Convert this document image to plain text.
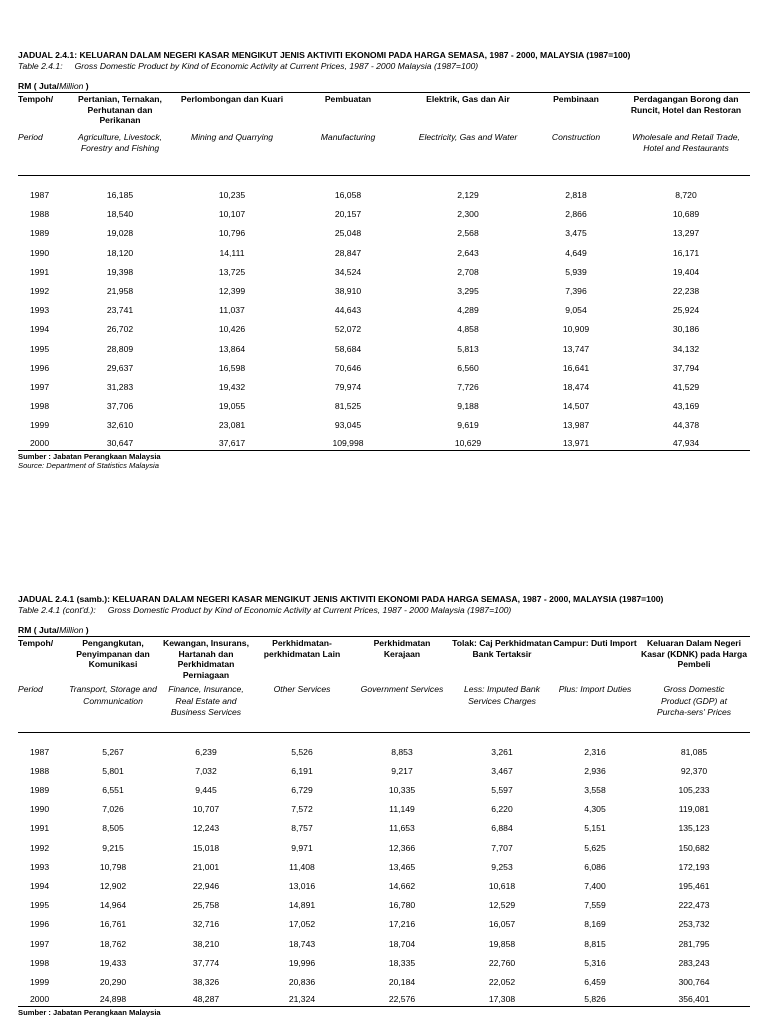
JADUAL 2.4.1: KELUARAN DALAM NEGERI KASAR MENGIKUT JENIS AKTIVITI EKONOMI PADA HARGA SEMASA, 1987 - 2000, MALAYSIA (1987=100)
Table 2.4.1: Gross Domestic Product by Kind of Economic Activity at Current Prices, 1987 - 2000 Malaysia (1987=100)
RM ( Juta/Million )
Tempoh/	Pertanian, Ternakan, Perhutanan dan Perikanan	Perlombongan dan Kuari	Pembuatan	Elektrik, Gas dan Air	Pembinaan	Perdagangan Borong dan Runcit, Hotel dan Restoran
Period	Agriculture, Livestock, Forestry and Fishing	Mining and Quarrying	Manufacturing	Electricity, Gas and Water	Construction	Wholesale and Retail Trade, Hotel and Restaurants

1987	16,185	10,235	16,058	2,129	2,818	8,720
1988	18,540	10,107	20,157	2,300	2,866	10,689
1989	19,028	10,796	25,048	2,568	3,475	13,297
1990	18,120	14,111	28,847	2,643	4,649	16,171
1991	19,398	13,725	34,524	2,708	5,939	19,404
1992	21,958	12,399	38,910	3,295	7,396	22,238
1993	23,741	11,037	44,643	4,289	9,054	25,924
1994	26,702	10,426	52,072	4,858	10,909	30,186
1995	28,809	13,864	58,684	5,813	13,747	34,132
1996	29,637	16,598	70,646	6,560	16,641	37,794
1997	31,283	19,432	79,974	7,726	18,474	41,529
1998	37,706	19,055	81,525	9,188	14,507	43,169
1999	32,610	23,081	93,045	9,619	13,987	44,378
2000	30,647	37,617	109,998	10,629	13,971	47,934
Sumber : Jabatan Perangkaan Malaysia
Source: Department of Statistics Malaysia
JADUAL 2.4.1 (samb.): KELUARAN DALAM NEGERI KASAR MENGIKUT JENIS AKTIVITI EKONOMI PADA HARGA SEMASA, 1987 - 2000, MALAYSIA (1987=100)
Table 2.4.1 (cont'd.): Gross Domestic Product by Kind of Economic Activity at Current Prices, 1987 - 2000 Malaysia (1987=100)
RM ( Juta/Million )
Tempoh/	Pengangkutan, Penyimpanan dan Komunikasi	Kewangan, Insurans, Hartanah dan Perkhidmatan Perniagaan	Perkhidmatan-perkhidmatan Lain	Perkhidmatan Kerajaan	Tolak: Caj Perkhidmatan Bank Tertaksir	Campur: Duti Import	Keluaran Dalam Negeri Kasar (KDNK) pada Harga Pembeli
Period	Transport, Storage and Communication	Finance, Insurance, Real Estate and Business Services	Other Services	Government Services	Less: Imputed Bank Services Charges	Plus: Import Duties	Gross Domestic Product (GDP) at Purcha-sers' Prices

1987	5,267	6,239	5,526	8,853	3,261	2,316	81,085
1988	5,801	7,032	6,191	9,217	3,467	2,936	92,370
1989	6,551	9,445	6,729	10,335	5,597	3,558	105,233
1990	7,026	10,707	7,572	11,149	6,220	4,305	119,081
1991	8,505	12,243	8,757	11,653	6,884	5,151	135,123
1992	9,215	15,018	9,971	12,366	7,707	5,625	150,682
1993	10,798	21,001	11,408	13,465	9,253	6,086	172,193
1994	12,902	22,946	13,016	14,662	10,618	7,400	195,461
1995	14,964	25,758	14,891	16,780	12,529	7,559	222,473
1996	16,761	32,716	17,052	17,216	16,057	8,169	253,732
1997	18,762	38,210	18,743	18,704	19,858	8,815	281,795
1998	19,433	37,774	19,996	18,335	22,760	5,316	283,243
1999	20,290	38,326	20,836	20,184	22,052	6,459	300,764
2000	24,898	48,287	21,324	22,576	17,308	5,826	356,401
Sumber : Jabatan Perangkaan Malaysia
